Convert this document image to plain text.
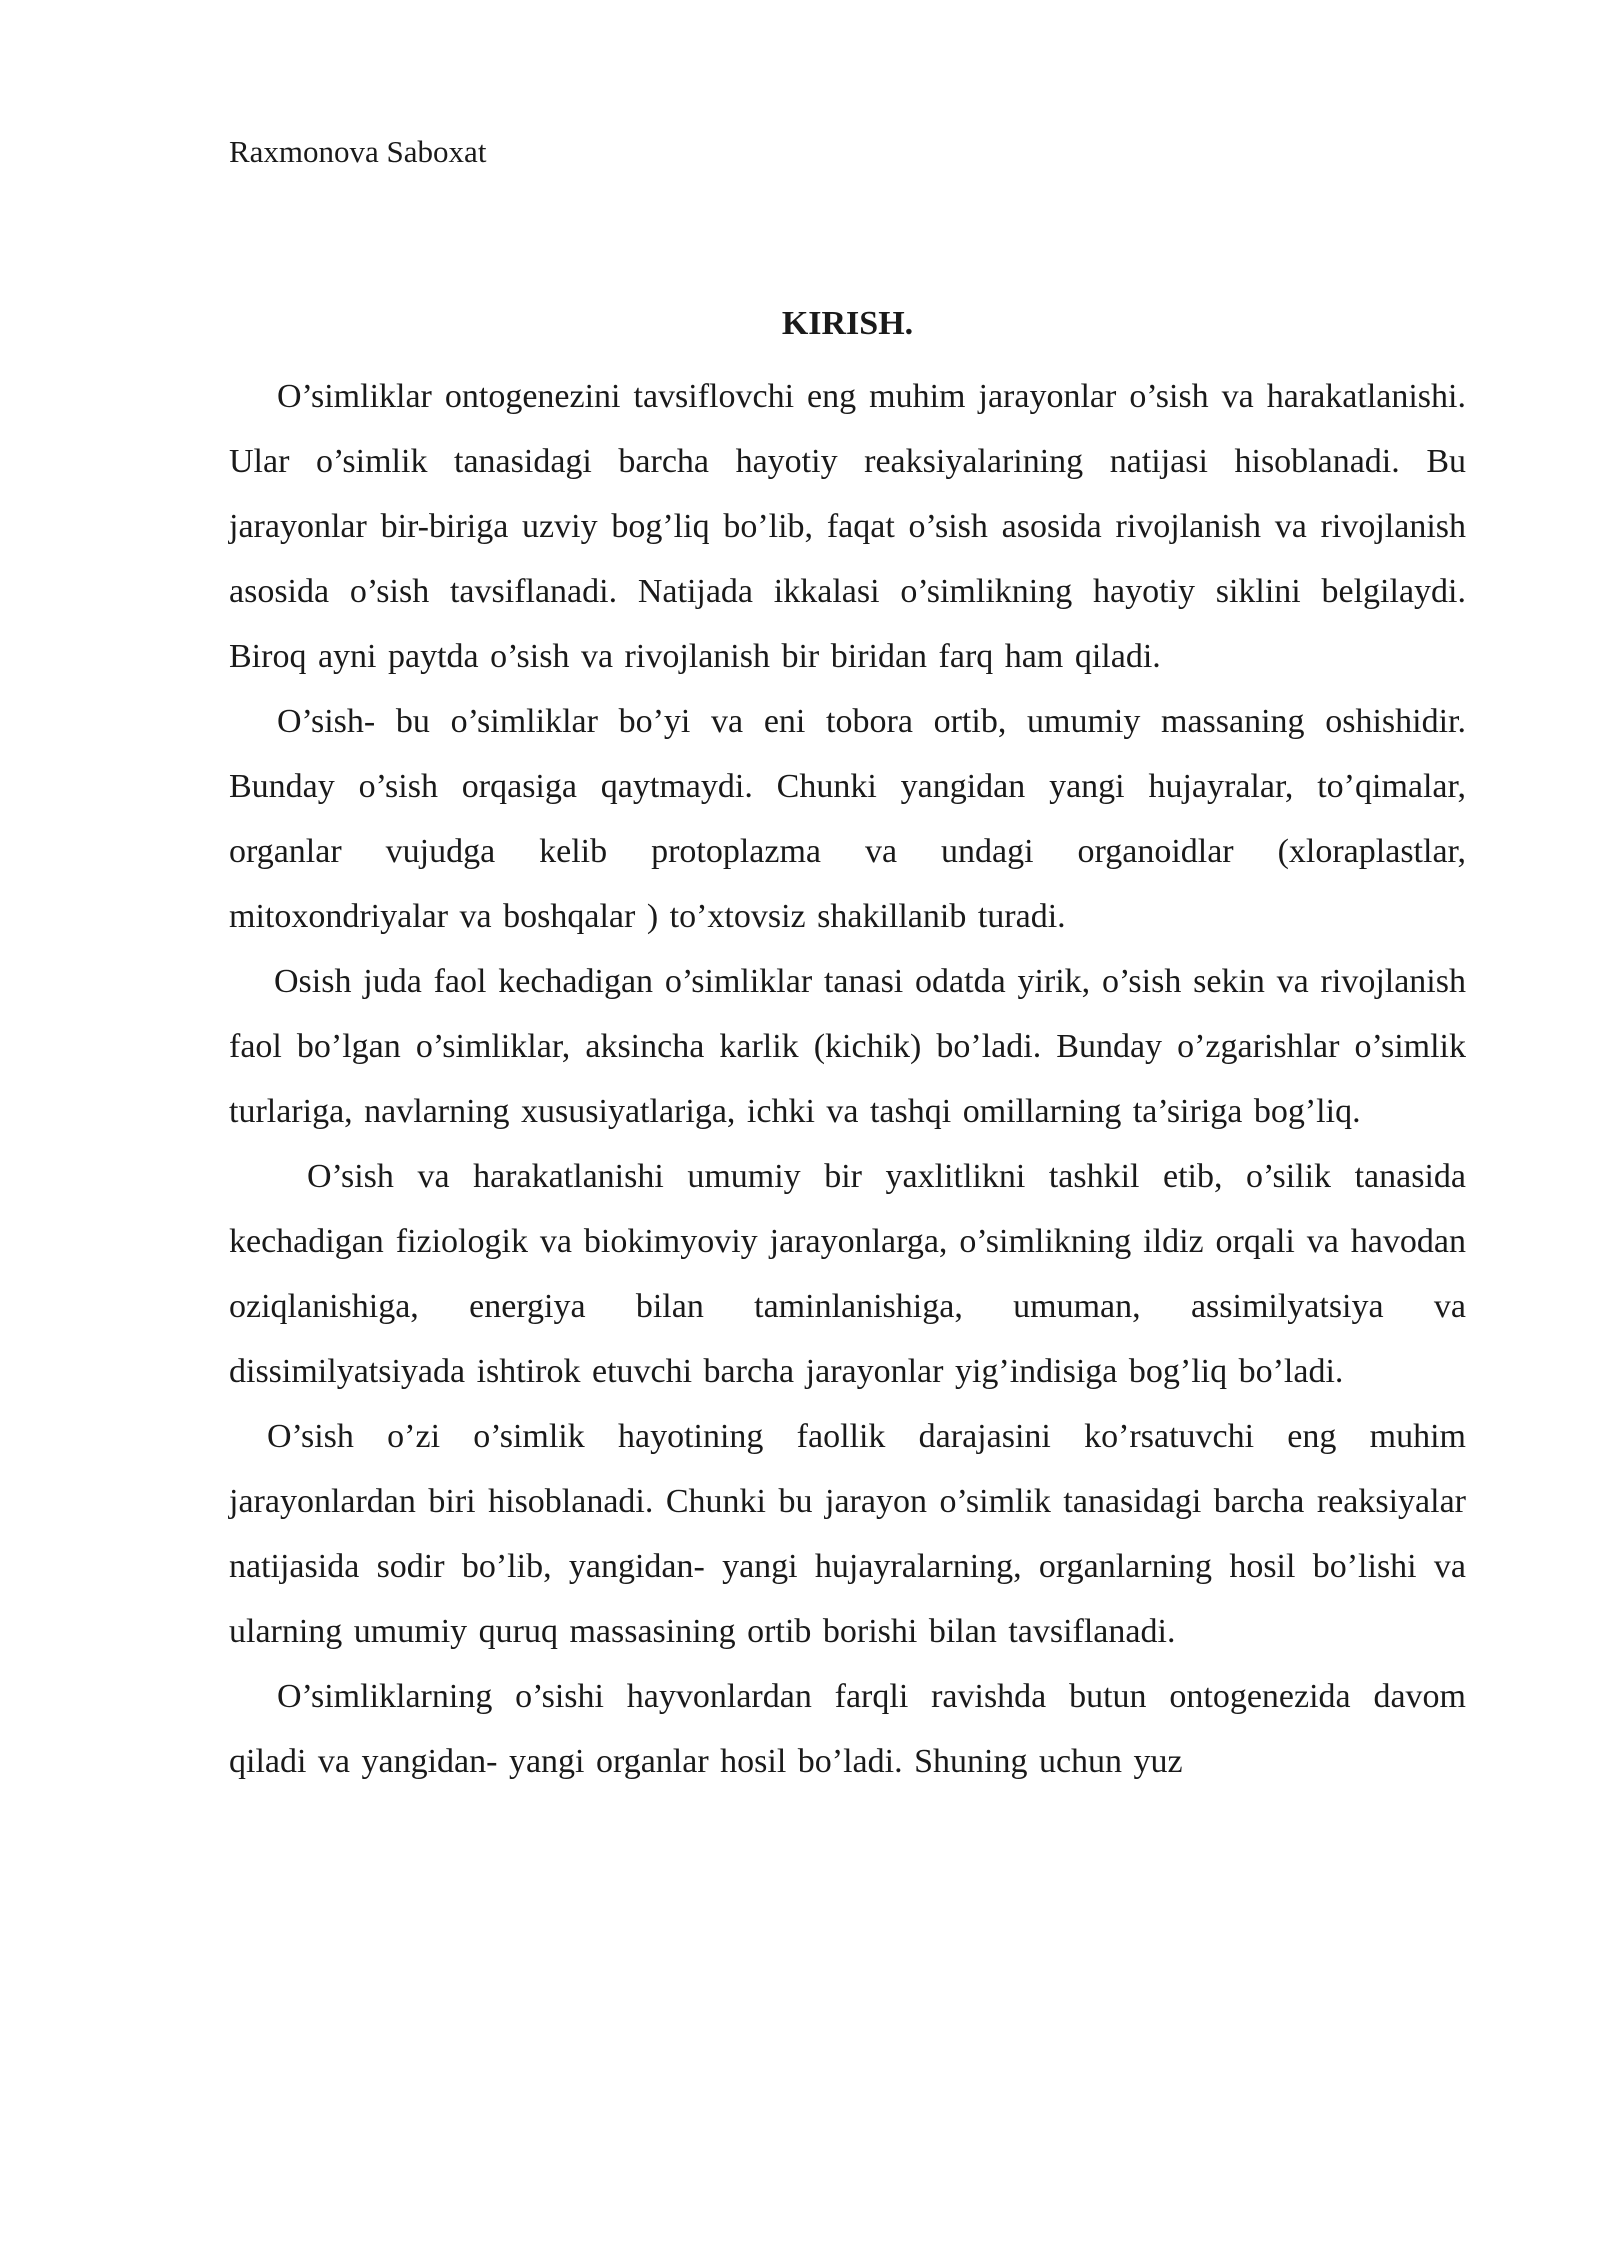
Raxmonova Saboxat
KIRISH.

O’simliklar ontogenezini tavsiflovchi eng muhim jarayonlar o’sish va harakatlanishi. Ular o’simlik tanasidagi barcha hayotiy reaksiyalarining natijasi hisoblanadi. Bu jarayonlar bir-biriga uzviy bog’liq bo’lib, faqat o’sish asosida rivojlanish va rivojlanish asosida o’sish tavsiflanadi. Natijada ikkalasi o’simlikning hayotiy siklini belgilaydi. Biroq ayni paytda o’sish va rivojlanish bir biridan farq ham qiladi.

O’sish- bu o’simliklar bo’yi va eni tobora ortib, umumiy massaning oshishidir. Bunday o’sish orqasiga qaytmaydi. Chunki yangidan yangi hujayralar, to’qimalar, organlar vujudga kelib protoplazma va undagi organoidlar (xloraplastlar, mitoxondriyalar va boshqalar ) to’xtovsiz shakillanib turadi.

Osish juda faol kechadigan o’simliklar tanasi odatda yirik, o’sish sekin va rivojlanish faol bo’lgan o’simliklar, aksincha karlik (kichik) bo’ladi. Bunday o’zgarishlar o’simlik turlariga, navlarning xususiyatlariga, ichki va tashqi omillarning ta’siriga bog’liq.

O’sish va harakatlanishi umumiy bir yaxlitlikni tashkil etib, o’silik tanasida kechadigan fiziologik va biokimyoviy jarayonlarga, o’simlikning ildiz orqali va havodan oziqlanishiga, energiya bilan taminlanishiga, umuman, assimilyatsiya va dissimilyatsiyada ishtirok etuvchi barcha jarayonlar yig’indisiga bog’liq bo’ladi.

O’sish o’zi o’simlik hayotining faollik darajasini ko’rsatuvchi eng muhim jarayonlardan biri hisoblanadi. Chunki bu jarayon o’simlik tanasidagi barcha reaksiyalar natijasida sodir bo’lib, yangidan- yangi hujayralarning, organlarning hosil bo’lishi va ularning umumiy quruq massasining ortib borishi bilan tavsiflanadi.

O’simliklarning o’sishi hayvonlardan farqli ravishda butun ontogenezida davom qiladi va yangidan- yangi organlar hosil bo’ladi. Shuning uchun yuz
